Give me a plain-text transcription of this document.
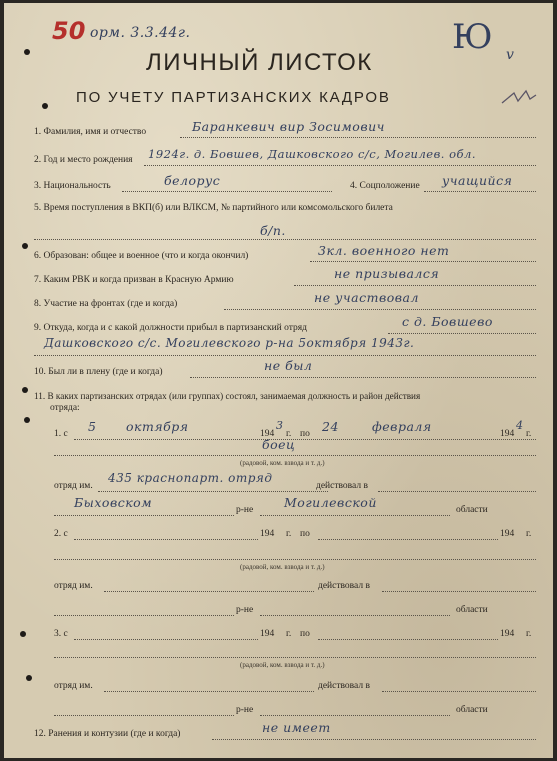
50 орм. 3.3.44г.	Ю v
ЛИЧНЫЙ ЛИСТОК
ПО УЧЕТУ ПАРТИЗАНСКИХ КАДРОВ
1. Фамилия, имя и отчество	Баранкевич вир Зосимович
2. Год и место рождения 1924г. д. Бовшев, Дашковского с/с, Могилев. обл.
3. Национальность	белорус	4. Соцположение учащийся
5. Время поступления в ВКП(б) или ВЛКСМ, № партийного или комсомольского билета
б/п.
6. Образован: общее и военное (что и когда окончил)	3кл. военного нет
7. Каким РВК и когда призван в Красную Армию	не призывался
8. Участие на фронтах (где и когда)	не участвовал
9. Откуда, когда и с какой должности прибыл в партизанский отряд	с д. Бовшево
Дашковского с/с. Могилевского р-на 5октября 1943г.
10. Был ли в плену (где и когда)	не был
11. В каких партизанских отрядах (или группах) состоял, занимаемая должность и район действия
отряда:
1. с 5 октября	194
3
г. по 24	февраля	194
4
г.
боец
(радовой, ком. взвода и т. д.)
отряд им.
435 краснопарт. отряд
действовал в
Быховском	р-не Могилевской	области
2. с	194 г. по	194 г.
(радовой, ком. взвода и т. д.)
отряд им.	действовал в
р-не	области
3. с	194 г. по	194 г.
(радовой, ком. взвода и т. д.)
отряд им.	действовал в
р-не	области
12. Ранения и контузии (где и когда)	не имеет
